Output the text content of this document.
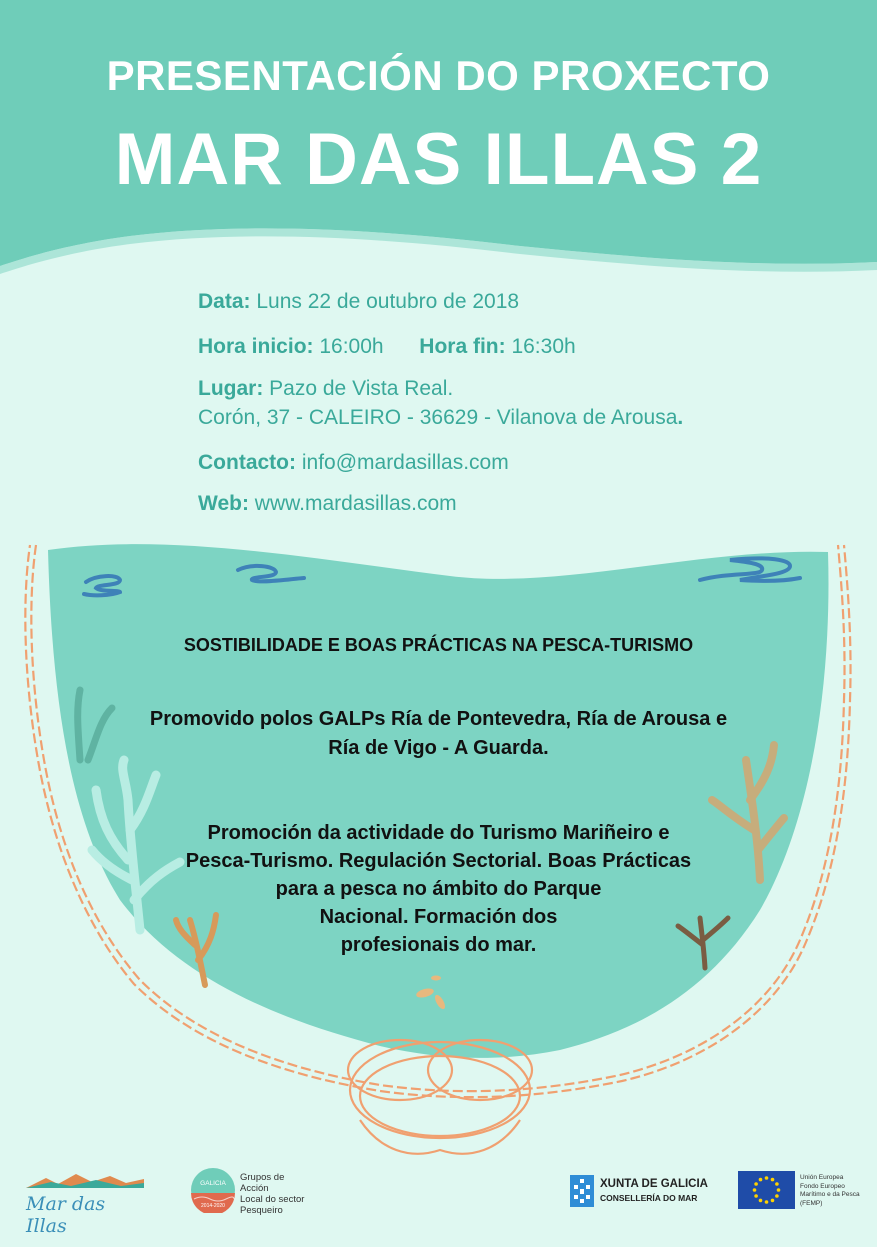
PRESENTACIÓN DO PROXECTO
MAR DAS ILLAS 2
Data: Luns 22 de outubro de 2018
Hora inicio: 16:00h Hora fin: 16:30h
Lugar: Pazo de Vista Real.
Corón, 37 - CALEIRO - 36629 - Vilanova de Arousa.
Contacto: info@mardasillas.com
Web: www.mardasillas.com
SOSTIBILIDADE E BOAS PRÁCTICAS NA PESCA-TURISMO
Promovido polos GALPs Ría de Pontevedra, Ría de Arousa e
Ría de Vigo - A Guarda.
Promoción da actividade do Turismo Mariñeiro e
Pesca-Turismo. Regulación Sectorial. Boas Prácticas
para a pesca no ámbito do Parque
Nacional. Formación dos
profesionais do mar.
Mar das Illas
GALICIA
2014-2020
Grupos de
Acción
Local do sector
Pesqueiro
XUNTA DE GALICIA
CONSELLERÍA DO MAR
Unión Europea
Fondo Europeo
Marítimo e da Pesca
(FEMP)
